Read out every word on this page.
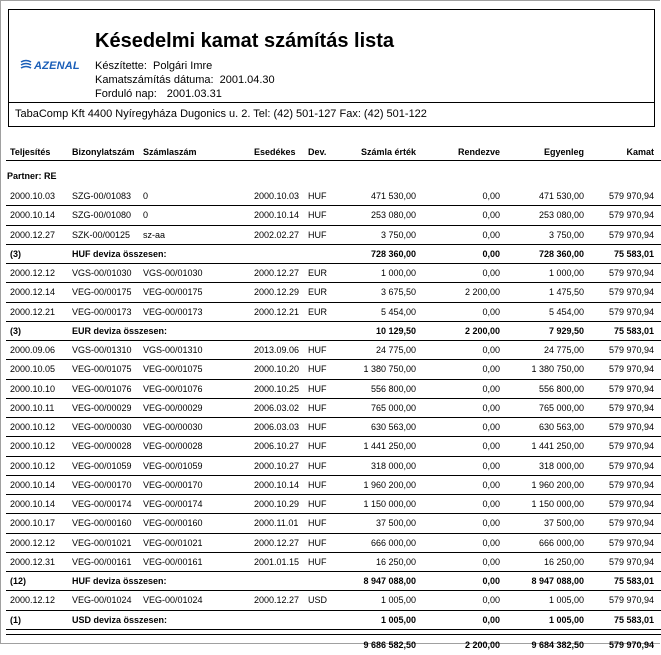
AZENAL
Késedelmi kamat számítás lista
Készítette: Polgári Imre
Kamatszámítás dátuma: 2001.04.30
Forduló nap: 2001.03.31
TabaComp Kft 4400 Nyíregyháza Dugonics u. 2. Tel: (42) 501-127 Fax: (42) 501-122
Teljesítés Bizonylatszám Számlaszám	Esedékes Dev.	Számla érték	Rendezve	Egyenleg	Kamat
Partner: RE
2000.10.03 SZG-00/01083 0	2000.10.03 HUF	471 530,00	0,00	471 530,00	579 970,94
2000.10.14 SZG-00/01080 0	2000.10.14 HUF	253 080,00	0,00	253 080,00	579 970,94
2000.12.27 SZK-00/00125 sz-aa	2002.02.27 HUF	3 750,00	0,00	3 750,00	579 970,94
(3)	HUF deviza összesen:	728 360,00	0,00	728 360,00	75 583,01
2000.12.12 VGS-00/01030 VGS-00/01030	2000.12.27 EUR	1 000,00	0,00	1 000,00	579 970,94
2000.12.14 VEG-00/00175 VEG-00/00175	2000.12.29 EUR	3 675,50	2 200,00	1 475,50	579 970,94
2000.12.21 VEG-00/00173 VEG-00/00173	2000.12.21 EUR	5 454,00	0,00	5 454,00	579 970,94
(3)	EUR deviza összesen:	10 129,50	2 200,00	7 929,50	75 583,01
2000.09.06 VGS-00/01310 VGS-00/01310	2013.09.06 HUF	24 775,00	0,00	24 775,00	579 970,94
2000.10.05 VEG-00/01075 VEG-00/01075	2000.10.20 HUF	1 380 750,00	0,00	1 380 750,00	579 970,94
2000.10.10 VEG-00/01076 VEG-00/01076	2000.10.25 HUF	556 800,00	0,00	556 800,00	579 970,94
2000.10.11 VEG-00/00029 VEG-00/00029	2006.03.02 HUF	765 000,00	0,00	765 000,00	579 970,94
2000.10.12 VEG-00/00030 VEG-00/00030	2006.03.03 HUF	630 563,00	0,00	630 563,00	579 970,94
2000.10.12 VEG-00/00028 VEG-00/00028	2006.10.27 HUF	1 441 250,00	0,00	1 441 250,00	579 970,94
2000.10.12 VEG-00/01059 VEG-00/01059	2000.10.27 HUF	318 000,00	0,00	318 000,00	579 970,94
2000.10.14 VEG-00/00170 VEG-00/00170	2000.10.14 HUF	1 960 200,00	0,00	1 960 200,00	579 970,94
2000.10.14 VEG-00/00174 VEG-00/00174	2000.10.29 HUF	1 150 000,00	0,00	1 150 000,00	579 970,94
2000.10.17 VEG-00/00160 VEG-00/00160	2000.11.01 HUF	37 500,00	0,00	37 500,00	579 970,94
2000.12.12 VEG-00/01021 VEG-00/01021	2000.12.27 HUF	666 000,00	0,00	666 000,00	579 970,94
2000.12.31 VEG-00/00161 VEG-00/00161	2001.01.15 HUF	16 250,00	0,00	16 250,00	579 970,94
(12)	HUF deviza összesen:	8 947 088,00	0,00	8 947 088,00	75 583,01
2000.12.12 VEG-00/01024 VEG-00/01024	2000.12.27 USD	1 005,00	0,00	1 005,00	579 970,94
(1)	USD deviza összesen:	1 005,00	0,00	1 005,00	75 583,01
9 686 582,50	2 200,00	9 684 382,50	579 970,94
